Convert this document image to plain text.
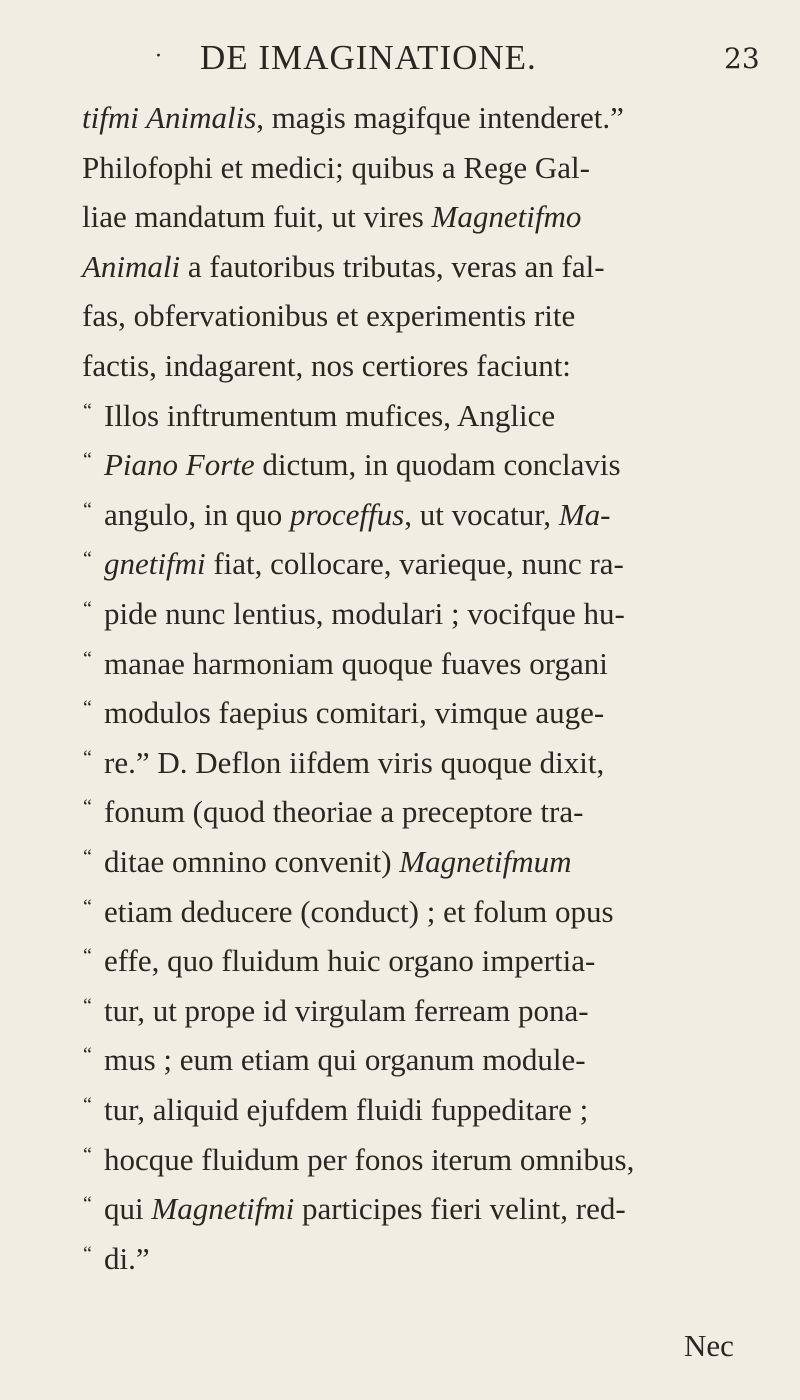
· DE IMAGINATIONE.	23
tifmi Animalis, magis magifque intenderet.”
Philofophi et medici; quibus a Rege Gal-
liae mandatum fuit, ut vires Magnetifmo
Animali a fautoribus tributas, veras an fal-
fas, obfervationibus et experimentis rite
factis, indagarent, nos certiores faciunt:
“ Illos inftrumentum mufices, Anglice
“ Piano Forte dictum, in quodam conclavis
“ angulo, in quo proceffus, ut vocatur, Ma-
“ gnetifmi fiat, collocare, varieque, nunc ra-
“ pide nunc lentius, modulari ; vocifque hu-
“ manae harmoniam quoque fuaves organi
“ modulos faepius comitari, vimque auge-
“ re.” D. Deflon iifdem viris quoque dixit,
“ fonum (quod theoriae a preceptore tra-
“ ditae omnino convenit) Magnetifmum
“ etiam deducere (conduct) ; et folum opus
“ effe, quo fluidum huic organo impertia-
“ tur, ut prope id virgulam ferream pona-
“ mus ; eum etiam qui organum module-
“ tur, aliquid ejufdem fluidi fuppeditare ;
“ hocque fluidum per fonos iterum omnibus,
“ qui Magnetifmi participes fieri velint, red-
“ di.”
Nec
